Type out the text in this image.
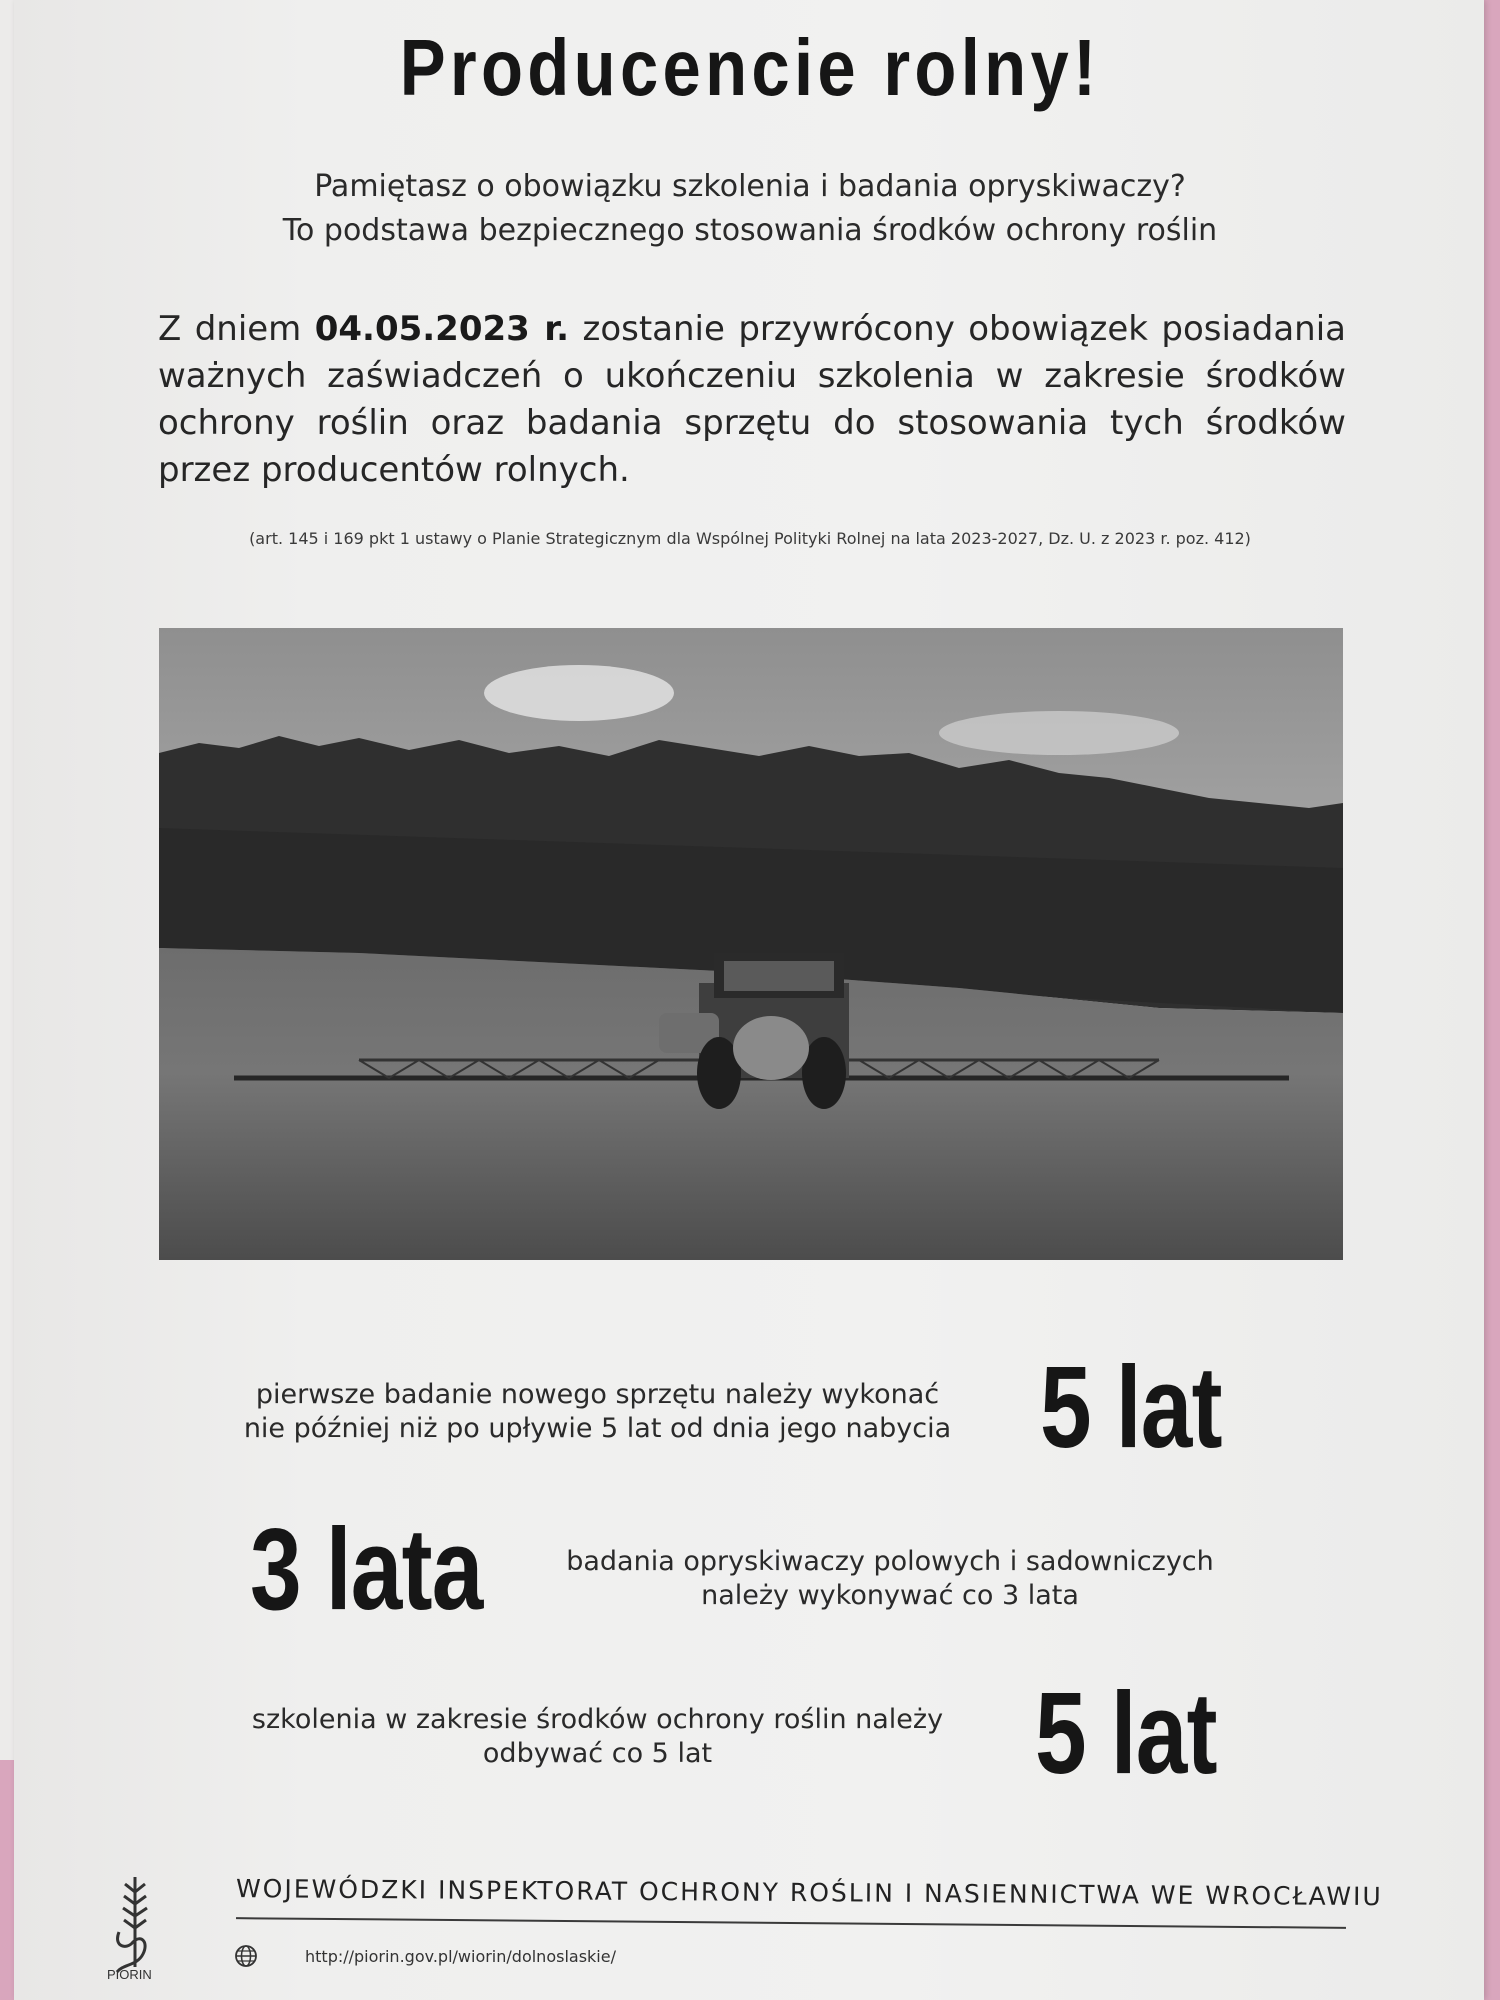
Producencie rolny!
Pamiętasz o obowiązku szkolenia i badania opryskiwaczy?
To podstawa bezpiecznego stosowania środków ochrony roślin
Z dniem 04.05.2023 r. zostanie przywrócony obowiązek posiadania ważnych zaświadczeń o ukończeniu szkolenia w zakresie środków ochrony roślin oraz badania sprzętu do stosowania tych środków przez producentów rolnych.
(art. 145 i 169 pkt 1 ustawy o Planie Strategicznym dla Wspólnej Polityki Rolnej na lata 2023-2027, Dz. U. z 2023 r. poz. 412)
pierwsze badanie nowego sprzętu należy wykonać
nie później niż po upływie 5 lat od dnia jego nabycia 5 lat
3 lata	badania opryskiwaczy polowych i sadowniczych
należy wykonywać co 3 lata
szkolenia w zakresie środków ochrony roślin należy
odbywać co 5 lat	5 lat
PIORIN
WOJEWÓDZKI INSPEKTORAT OCHRONY ROŚLIN I NASIENNICTWA WE WROCŁAWIU
http://piorin.gov.pl/wiorin/dolnoslaskie/
